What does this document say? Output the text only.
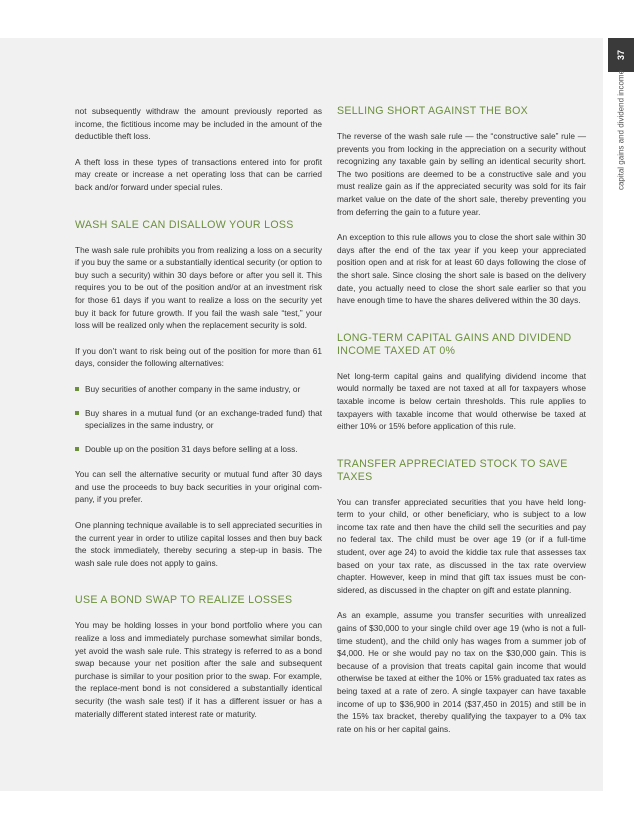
37
capital gains and dividend income

not subsequently withdraw the amount previously reported as income, the fictitious income may be included in the amount of the deductible theft loss.

A theft loss in these types of transactions entered into for profit may create or increase a net operating loss that can be carried back and/or forward under special rules.

WASH SALE CAN DISALLOW YOUR LOSS

The wash sale rule prohibits you from realizing a loss on a security if you buy the same or a substantially identical security (or option to buy such a security) within 30 days before or after you sell it. This requires you to be out of the position and/or at an investment risk for those 61 days if you want to realize a loss on the security yet buy it back for future growth. If you fail the wash sale “test,” your loss will be realized only when the replacement security is sold.

If you don’t want to risk being out of the position for more than 61 days, consider the following alternatives:

Buy securities of another company in the same industry, or
Buy shares in a mutual fund (or an exchange-traded fund) that specializes in the same industry, or
Double up on the position 31 days before selling at a loss.

You can sell the alternative security or mutual fund after 30 days and use the proceeds to buy back securities in your original com-pany, if you prefer.

One planning technique available is to sell appreciated securities in the current year in order to utilize capital losses and then buy back the stock immediately, thereby securing a step-up in basis. The wash sale rule does not apply to gains.

USE A BOND SWAP TO REALIZE LOSSES

You may be holding losses in your bond portfolio where you can realize a loss and immediately purchase somewhat similar bonds, yet avoid the wash sale rule. This strategy is referred to as a bond swap because your net position after the sale and subsequent purchase is similar to your position prior to the swap. For example, the replace-ment bond is not considered a substantially identical security (the wash sale test) if it has a different issuer or has a materially different stated interest rate or maturity.

SELLING SHORT AGAINST THE BOX

The reverse of the wash sale rule — the “constructive sale” rule — prevents you from locking in the appreciation on a security without recognizing any taxable gain by selling an identical security short. The two positions are deemed to be a constructive sale and you must realize gain as if the appreciated security was sold for its fair market value on the date of the short sale, thereby preventing you from deferring the gain to a future year.

An exception to this rule allows you to close the short sale within 30 days after the end of the tax year if you keep your appreciated position open and at risk for at least 60 days following the close of the short sale. Since closing the short sale is based on the delivery date, you actually need to close the short sale earlier so that you have enough time to have the shares delivered within the 30 days.

LONG-TERM CAPITAL GAINS AND DIVIDEND INCOME TAXED AT 0%

Net long-term capital gains and qualifying dividend income that would normally be taxed are not taxed at all for taxpayers whose taxable income is below certain thresholds. This rule applies to taxpayers with taxable income that would otherwise be taxed at either 10% or 15% before application of this rule.

TRANSFER APPRECIATED STOCK TO SAVE TAXES

You can transfer appreciated securities that you have held long-term to your child, or other beneficiary, who is subject to a low income tax rate and then have the child sell the securities and pay no federal tax. The child must be over age 19 (or if a full-time student, over age 24) to avoid the kiddie tax rule that assesses tax based on your tax rate, as discussed in the tax rate overview chapter. However, keep in mind that gift tax issues must be con-sidered, as discussed in the chapter on gift and estate planning.

As an example, assume you transfer securities with unrealized gains of $30,000 to your single child over age 19 (who is not a full-time student), and the child only has wages from a summer job of $4,000. He or she would pay no tax on the $30,000 gain. This is because of a provision that treats capital gain income that would otherwise be taxed at either the 10% or 15% graduated tax rates as being taxed at a rate of zero. A single taxpayer can have taxable income of up to $36,900 in 2014 ($37,450 in 2015) and still be in the 15% tax bracket, thereby qualifying the taxpayer to a 0% tax rate on his or her capital gains.
